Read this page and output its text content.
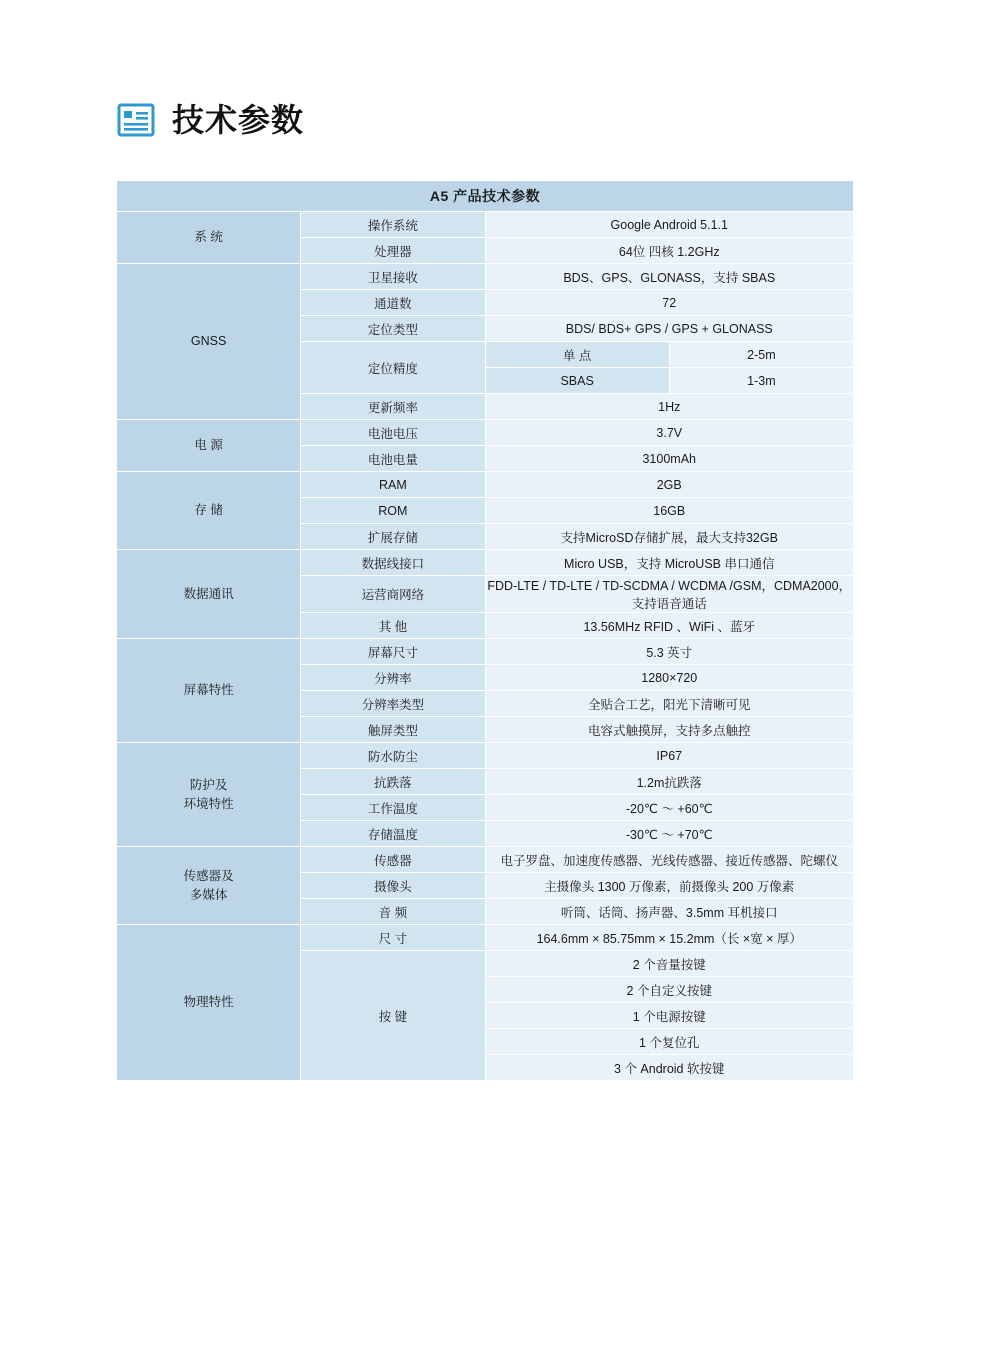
技术参数
A5 产品技术参数			
系 统	操作系统	Google Android 5.1.1	
	处理器	64位 四核 1.2GHz	
GNSS	卫星接收	BDS、GPS、GLONASS，支持 SBAS	
	通道数	72	
	定位类型	BDS/ BDS+ GPS / GPS + GLONASS	
	定位精度	单 点	2-5m
		SBAS	1-3m
	更新频率	1Hz	
电 源	电池电压	3.7V	
	电池电量	3100mAh	
存 储	RAM	2GB	
	ROM	16GB	
	扩展存储	支持MicroSD存储扩展，最大支持32GB	
数据通讯	数据线接口	Micro USB，支持 MicroUSB 串口通信	
	运营商网络	FDD-LTE / TD-LTE / TD-SCDMA / WCDMA /GSM，CDMA2000，支持语音通话	
	其 他	13.56MHz RFID 、WiFi 、蓝牙	
屏幕特性	屏幕尺寸	5.3 英寸	
	分辨率	1280×720	
	分辨率类型	全贴合工艺，阳光下清晰可见	
	触屏类型	电容式触摸屏，支持多点触控	
防护及
环境特性	防水防尘	IP67	
	抗跌落	1.2m抗跌落	
	工作温度	-20℃ ～ +60℃	
	存储温度	-30℃ ～ +70℃	
传感器及
多媒体	传感器	电子罗盘、加速度传感器、光线传感器、接近传感器、陀螺仪	
	摄像头	主摄像头 1300 万像素，前摄像头 200 万像素	
	音 频	听筒、话筒、扬声器、3.5mm 耳机接口	
物理特性	尺 寸	164.6mm × 85.75mm × 15.2mm（长 ×宽 × 厚）	
	按 键	2 个音量按键	
		2 个自定义按键	
		1 个电源按键	
		1 个复位孔	
		3 个 Android 软按键	
